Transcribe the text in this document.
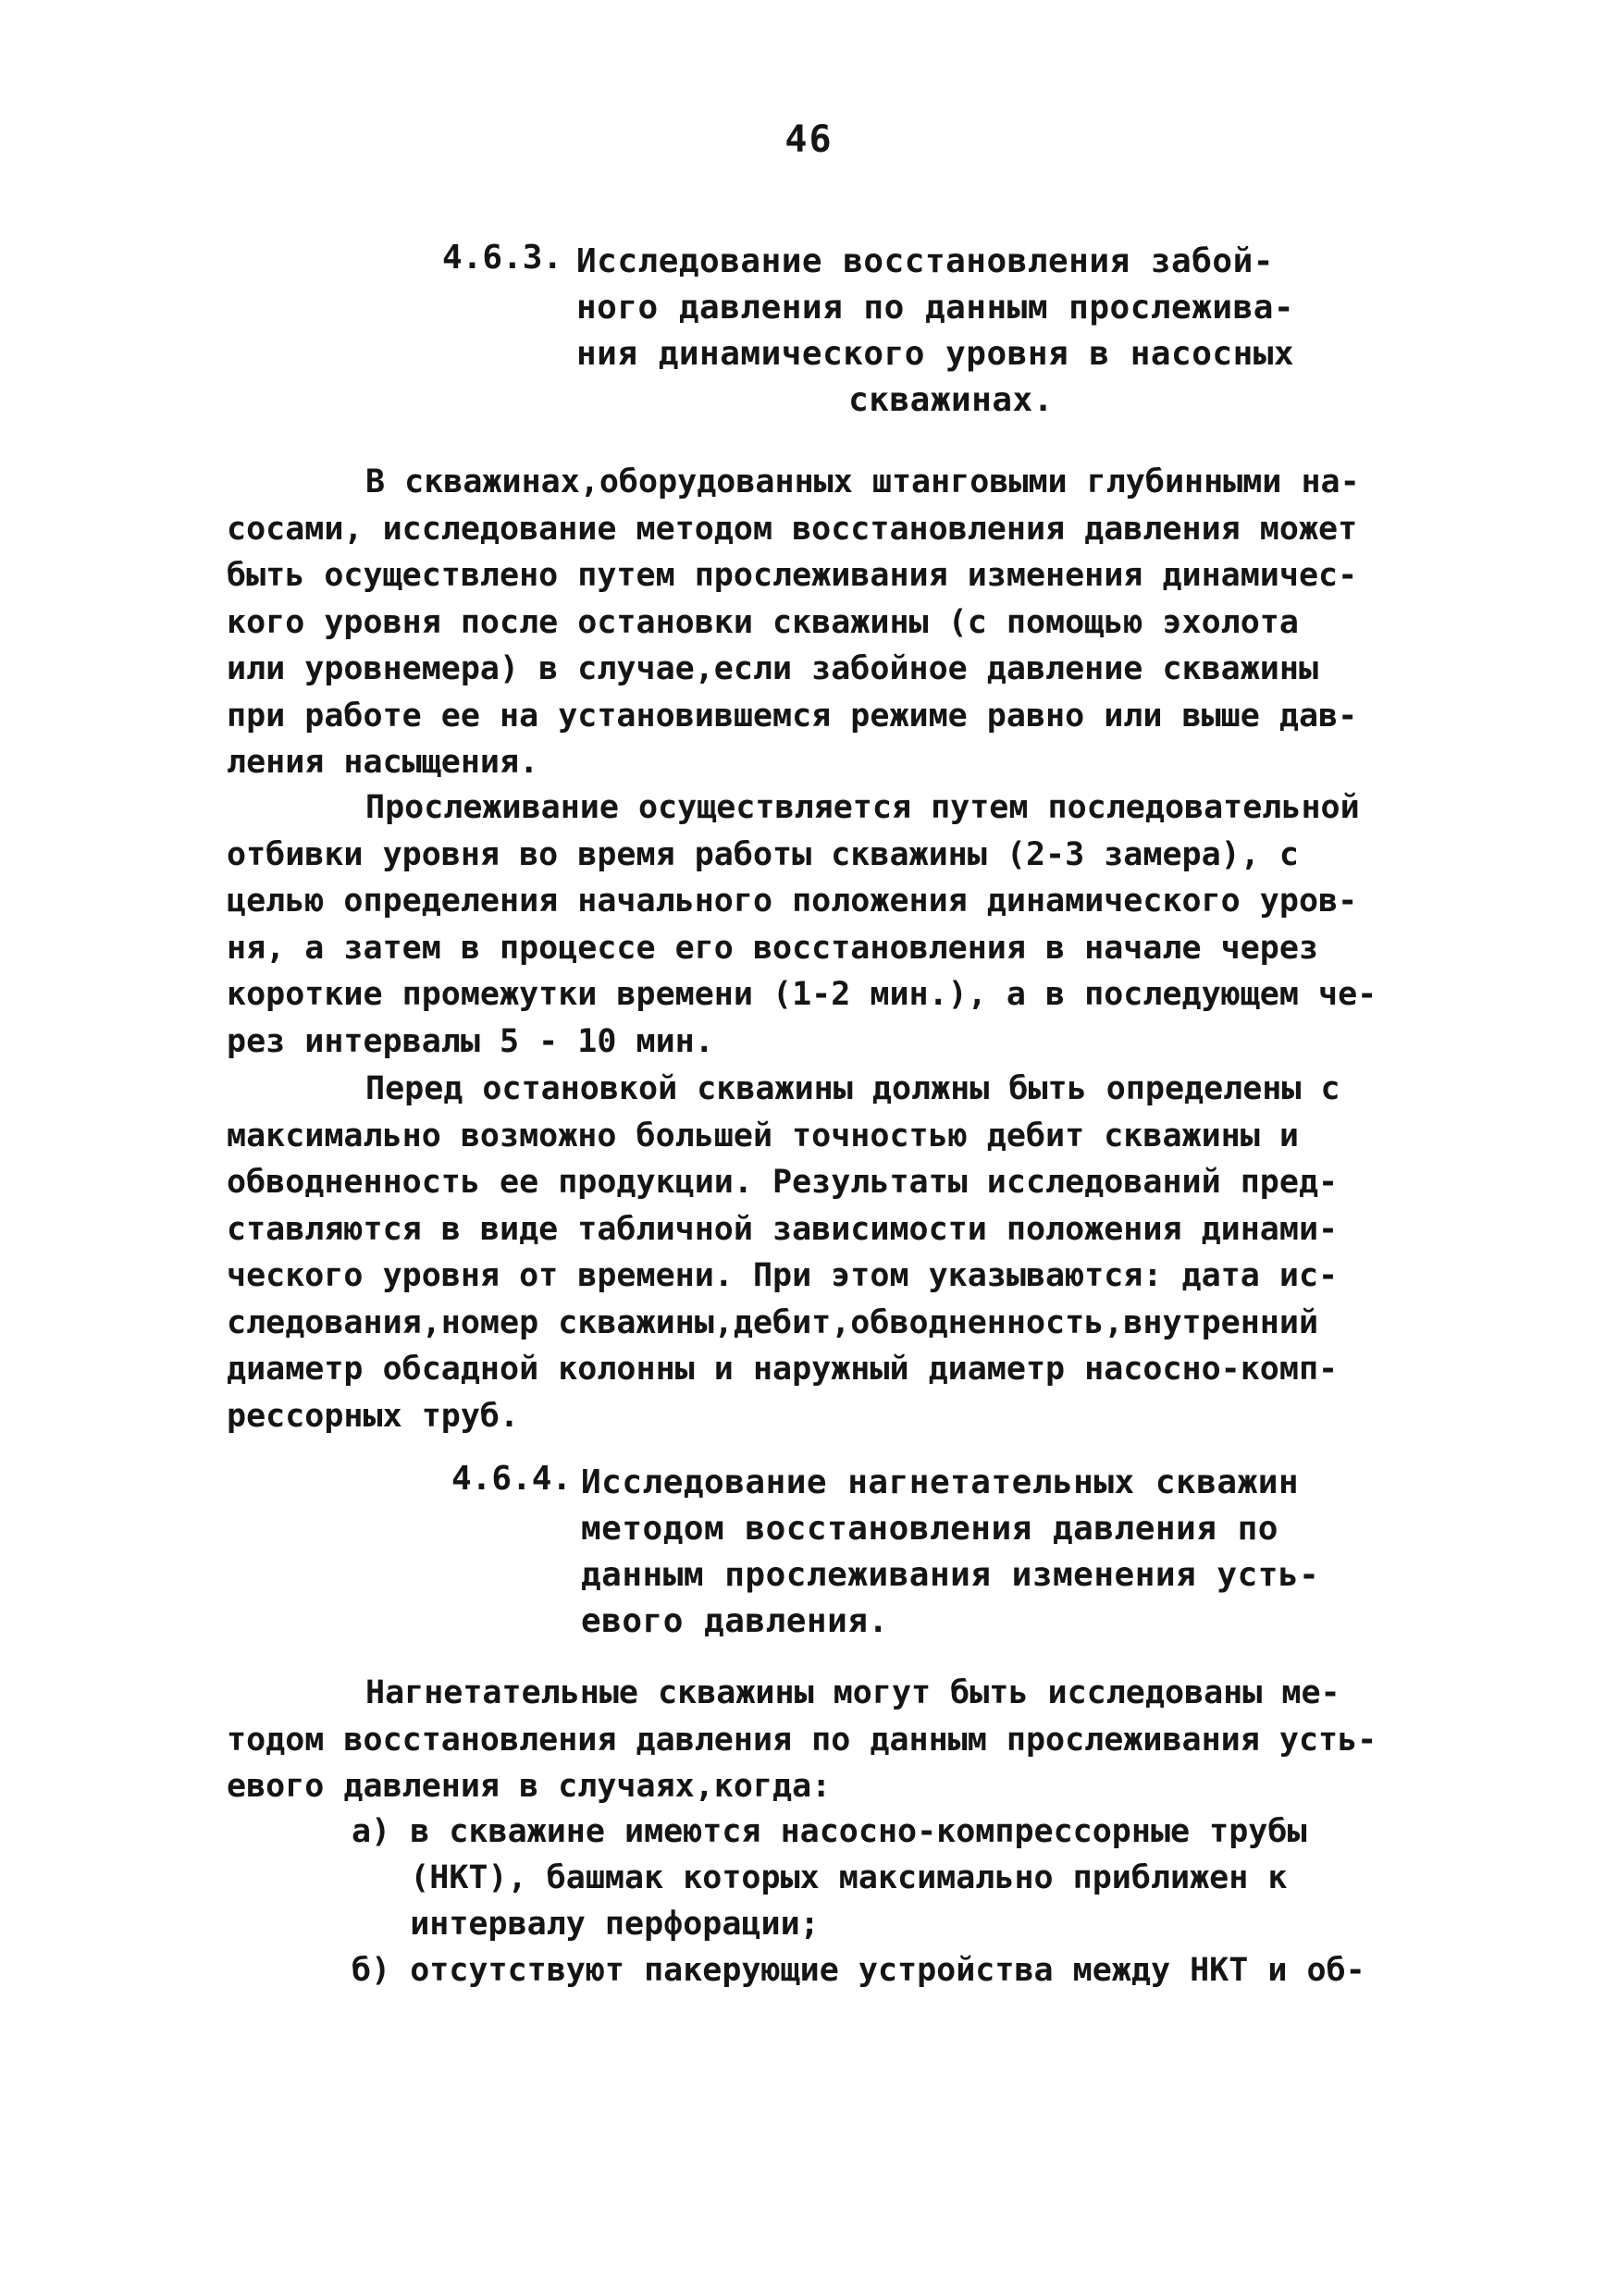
46
4.6.3. Исследование восстановления забой-
ного давления по данным прослежива-
ния динамического уровня в насосных
скважинах.
В скважинах,оборудованных штанговыми глубинными на-
сосами, исследование методом восстановления давления может
быть осуществлено путем прослеживания изменения динамичес-
кого уровня после остановки скважины (с помощью эхолота
или уровнемера) в случае,если забойное давление скважины
при работе ее на установившемся режиме равно или выше дав-
ления насыщения.
Прослеживание осуществляется путем последовательной
отбивки уровня во время работы скважины (2-3 замера), с
целью определения начального положения динамического уров-
ня, а затем в процессе его восстановления в начале через
короткие промежутки времени (1-2 мин.), а в последующем че-
рез интервалы 5 - 10 мин.
Перед остановкой скважины должны быть определены с
максимально возможно большей точностью дебит скважины и
обводненность ее продукции. Результаты исследований пред-
ставляются в виде табличной зависимости положения динами-
ческого уровня от времени. При этом указываются: дата ис-
следования,номер скважины,дебит,обводненность,внутренний
диаметр обсадной колонны и наружный диаметр насосно-комп-
рессорных труб.
4.6.4. Исследование нагнетательных скважин
методом восстановления давления по
данным прослеживания изменения усть-
евого давления.
Нагнетательные скважины могут быть исследованы ме-
тодом восстановления давления по данным прослеживания усть-
евого давления в случаях,когда:
а) в скважине имеются насосно-компрессорные трубы
(НКТ), башмак которых максимально приближен к
интервалу перфорации;
б) отсутствуют пакерующие устройства между НКТ и об-
